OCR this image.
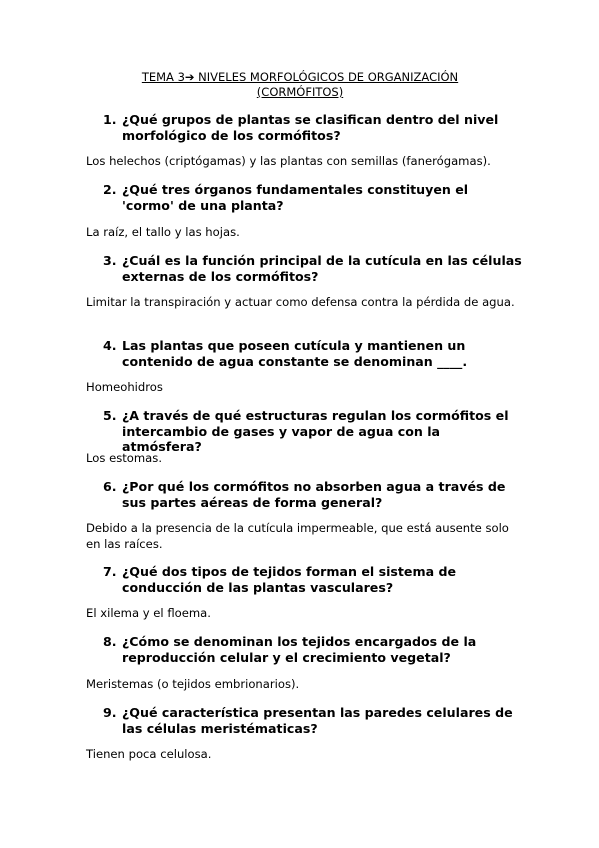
TEMA 3➔ NIVELES MORFOLÓGICOS DE ORGANIZACIÓN
(CORMÓFITOS)
1. ¿Qué grupos de plantas se clasifican dentro del nivel morfológico de los cormófitos?
Los helechos (criptógamas) y las plantas con semillas (fanerógamas).
2. ¿Qué tres órganos fundamentales constituyen el 'cormo' de una planta?
La raíz, el tallo y las hojas.
3. ¿Cuál es la función principal de la cutícula en las células externas de los cormófitos?
Limitar la transpiración y actuar como defensa contra la pérdida de agua.
4. Las plantas que poseen cutícula y mantienen un contenido de agua constante se denominan ____.
Homeohidros
5. ¿A través de qué estructuras regulan los cormófitos el intercambio de gases y vapor de agua con la atmósfera?
Los estomas.
6. ¿Por qué los cormófitos no absorben agua a través de sus partes aéreas de forma general?
Debido a la presencia de la cutícula impermeable, que está ausente solo en las raíces.
7. ¿Qué dos tipos de tejidos forman el sistema de conducción de las plantas vasculares?
El xilema y el floema.
8. ¿Cómo se denominan los tejidos encargados de la reproducción celular y el crecimiento vegetal?
Meristemas (o tejidos embrionarios).
9. ¿Qué característica presentan las paredes celulares de las células meristématicas?
Tienen poca celulosa.
